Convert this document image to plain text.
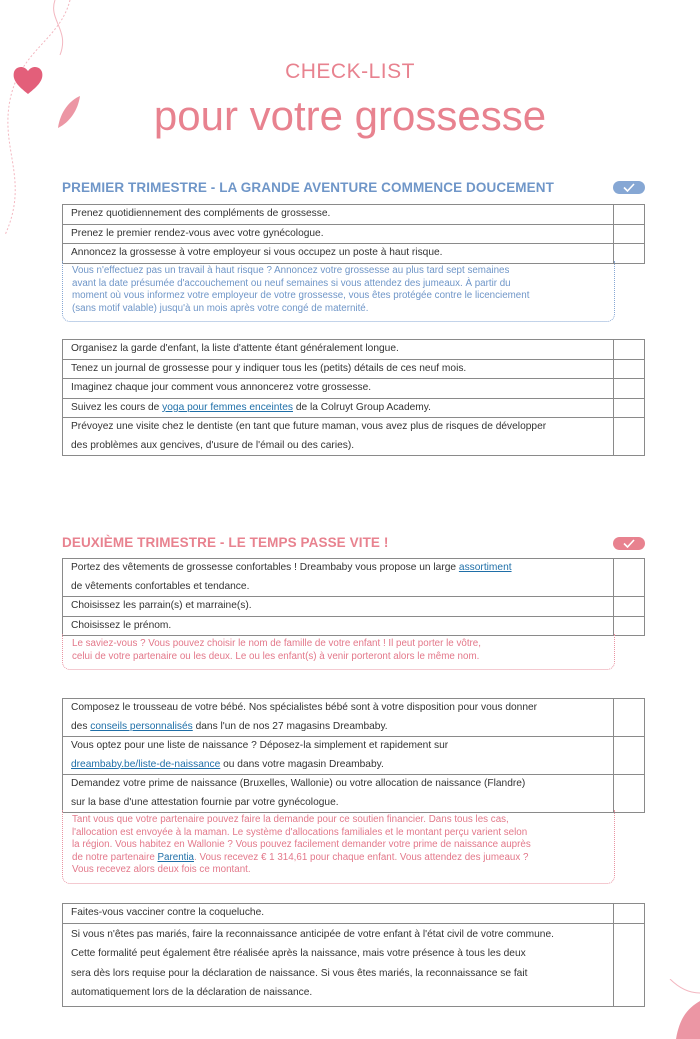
CHECK-LIST
pour votre grossesse
PREMIER TRIMESTRE - LA GRANDE AVENTURE COMMENCE DOUCEMENT
Prenez quotidiennement des compléments de grossesse.
Prenez le premier rendez-vous avec votre gynécologue.
Annoncez la grossesse à votre employeur si vous occupez un poste à haut risque.
Vous n'effectuez pas un travail à haut risque ? Annoncez votre grossesse au plus tard sept semaines
avant la date présumée d'accouchement ou neuf semaines si vous attendez des jumeaux. À partir du
moment où vous informez votre employeur de votre grossesse, vous êtes protégée contre le licenciement
(sans motif valable) jusqu'à un mois après votre congé de maternité.
Organisez la garde d'enfant, la liste d'attente étant généralement longue.
Tenez un journal de grossesse pour y indiquer tous les (petits) détails de ces neuf mois.
Imaginez chaque jour comment vous annoncerez votre grossesse.
Suivez les cours de yoga pour femmes enceintes de la Colruyt Group Academy.
Prévoyez une visite chez le dentiste (en tant que future maman, vous avez plus de risques de développer
des problèmes aux gencives, d'usure de l'émail ou des caries).
DEUXIÈME TRIMESTRE - LE TEMPS PASSE VITE !
Portez des vêtements de grossesse confortables ! Dreambaby vous propose un large assortiment
de vêtements confortables et tendance.
Choisissez les parrain(s) et marraine(s).
Choisissez le prénom.
Le saviez-vous ? Vous pouvez choisir le nom de famille de votre enfant ! Il peut porter le vôtre,
celui de votre partenaire ou les deux. Le ou les enfant(s) à venir porteront alors le même nom.
Composez le trousseau de votre bébé. Nos spécialistes bébé sont à votre disposition pour vous donner
des conseils personnalisés dans l'un de nos 27 magasins Dreambaby.
Vous optez pour une liste de naissance ? Déposez-la simplement et rapidement sur
dreambaby.be/liste-de-naissance ou dans votre magasin Dreambaby.
Demandez votre prime de naissance (Bruxelles, Wallonie) ou votre allocation de naissance (Flandre)
sur la base d'une attestation fournie par votre gynécologue.
Tant vous que votre partenaire pouvez faire la demande pour ce soutien financier. Dans tous les cas,
l'allocation est envoyée à la maman. Le système d'allocations familiales et le montant perçu varient selon
la région. Vous habitez en Wallonie ? Vous pouvez facilement demander votre prime de naissance auprès
de notre partenaire Parentia. Vous recevez € 1 314,61 pour chaque enfant. Vous attendez des jumeaux ?
Vous recevez alors deux fois ce montant.
Faites-vous vacciner contre la coqueluche.
Si vous n'êtes pas mariés, faire la reconnaissance anticipée de votre enfant à l'état civil de votre commune.
Cette formalité peut également être réalisée après la naissance, mais votre présence à tous les deux
sera dès lors requise pour la déclaration de naissance. Si vous êtes mariés, la reconnaissance se fait
automatiquement lors de la déclaration de naissance.
